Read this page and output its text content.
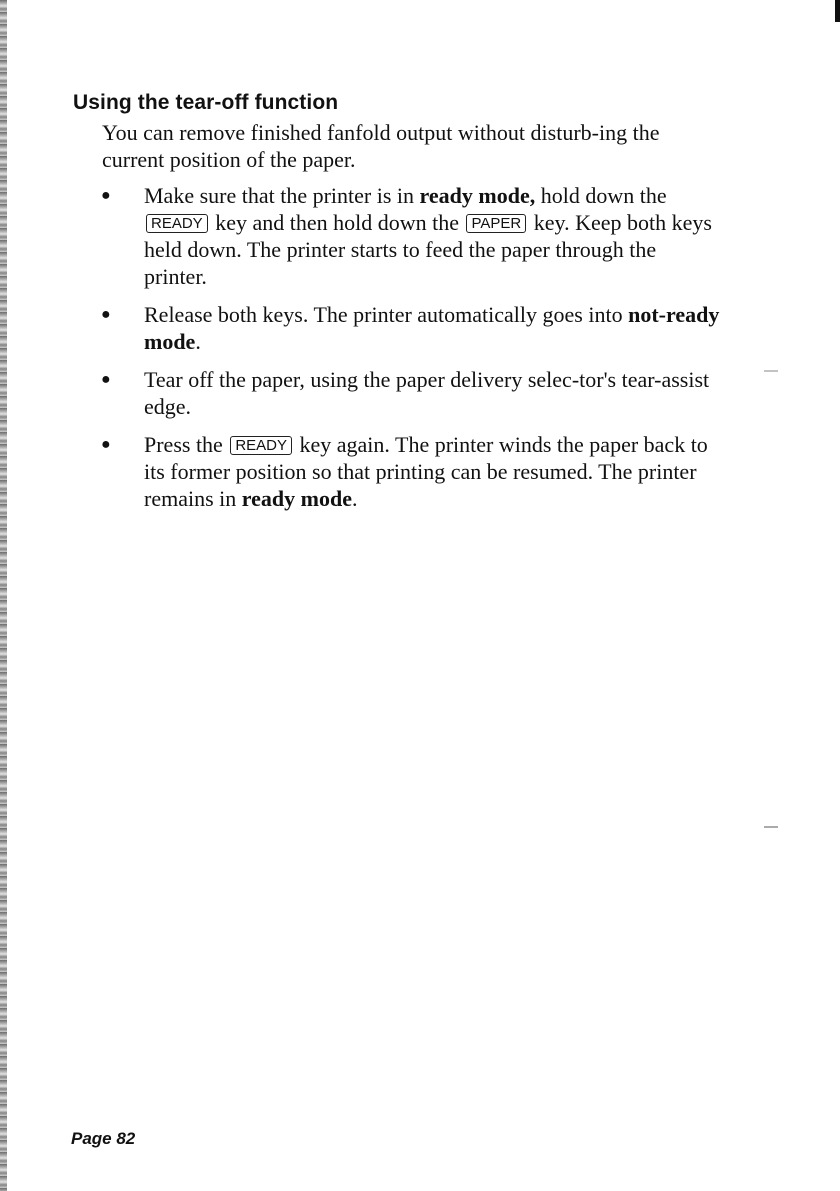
Using the tear-off function
You can remove finished fanfold output without disturb-ing the current position of the paper.
● Make sure that the printer is in ready mode, hold down the READY key and then hold down the PAPER key. Keep both keys held down. The printer starts to feed the paper through the printer.
● Release both keys. The printer automatically goes into not-ready mode.
● Tear off the paper, using the paper delivery selec-tor's tear-assist edge.
● Press the READY key again. The printer winds the paper back to its former position so that printing can be resumed. The printer remains in ready mode.
Page 82
